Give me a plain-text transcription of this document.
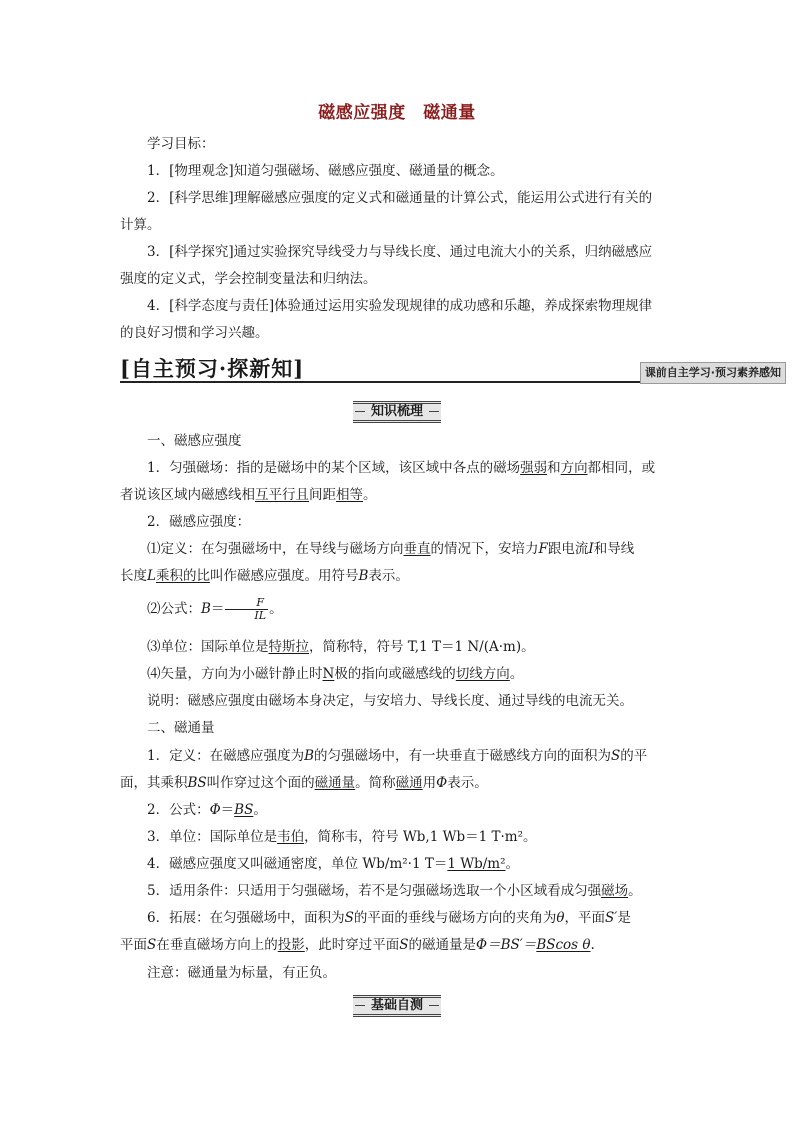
磁感应强度　磁通量

学习目标：

1．[物理观念]知道匀强磁场、磁感应强度、磁通量的概念。

2．[科学思维]理解磁感应强度的定义式和磁通量的计算公式，能运用公式进行有关的

计算。

3．[科学探究]通过实验探究导线受力与导线长度、通过电流大小的关系，归纳磁感应

强度的定义式，学会控制变量法和归纳法。

4．[科学态度与责任]体验通过运用实验发现规律的成功感和乐趣，养成探索物理规律

的良好习惯和学习兴趣。

[自主预习·探新知]	课前自主学习·预习素养感知
知识梳理

一、磁感应强度

1．匀强磁场：指的是磁场中的某个区域，该区域中各点的磁场强弱和方向都相同，或

者说该区域内磁感线相互平行且间距相等。

2．磁感应强度：

⑴定义：在匀强磁场中，在导线与磁场方向垂直的情况下，安培力F跟电流I和导线

长度L乘积的比叫作磁感应强度。用符号B表示。

⑵公式：$B= \frac{F}{IL}$ 。

⑶单位：国际单位是特斯拉，简称特，符号 T,1 T＝1 N/(A·m)。

⑷矢量，方向为小磁针静止时N极的指向或磁感线的切线方向。

说明：磁感应强度由磁场本身决定，与安培力、导线长度、通过导线的电流无关。

二、磁通量

1．定义：在磁感应强度为B的匀强磁场中，有一块垂直于磁感线方向的面积为S的平

面，其乘积BS叫作穿过这个面的磁通量。简称磁通用Φ表示。

2．公式：Φ＝BS。

3．单位：国际单位是韦伯，简称韦，符号 Wb,1 Wb＝1 T·m²。

4．磁感应强度又叫磁通密度，单位 Wb/m²·1 T＝1 Wb/m²。

5．适用条件：只适用于匀强磁场，若不是匀强磁场选取一个小区域看成匀强磁场。

6．拓展：在匀强磁场中，面积为S的平面的垂线与磁场方向的夹角为θ，平面S′是

平面S在垂直磁场方向上的投影，此时穿过平面S的磁通量是Φ＝BS′＝BScos θ.

注意：磁通量为标量，有正负。

基础自测
